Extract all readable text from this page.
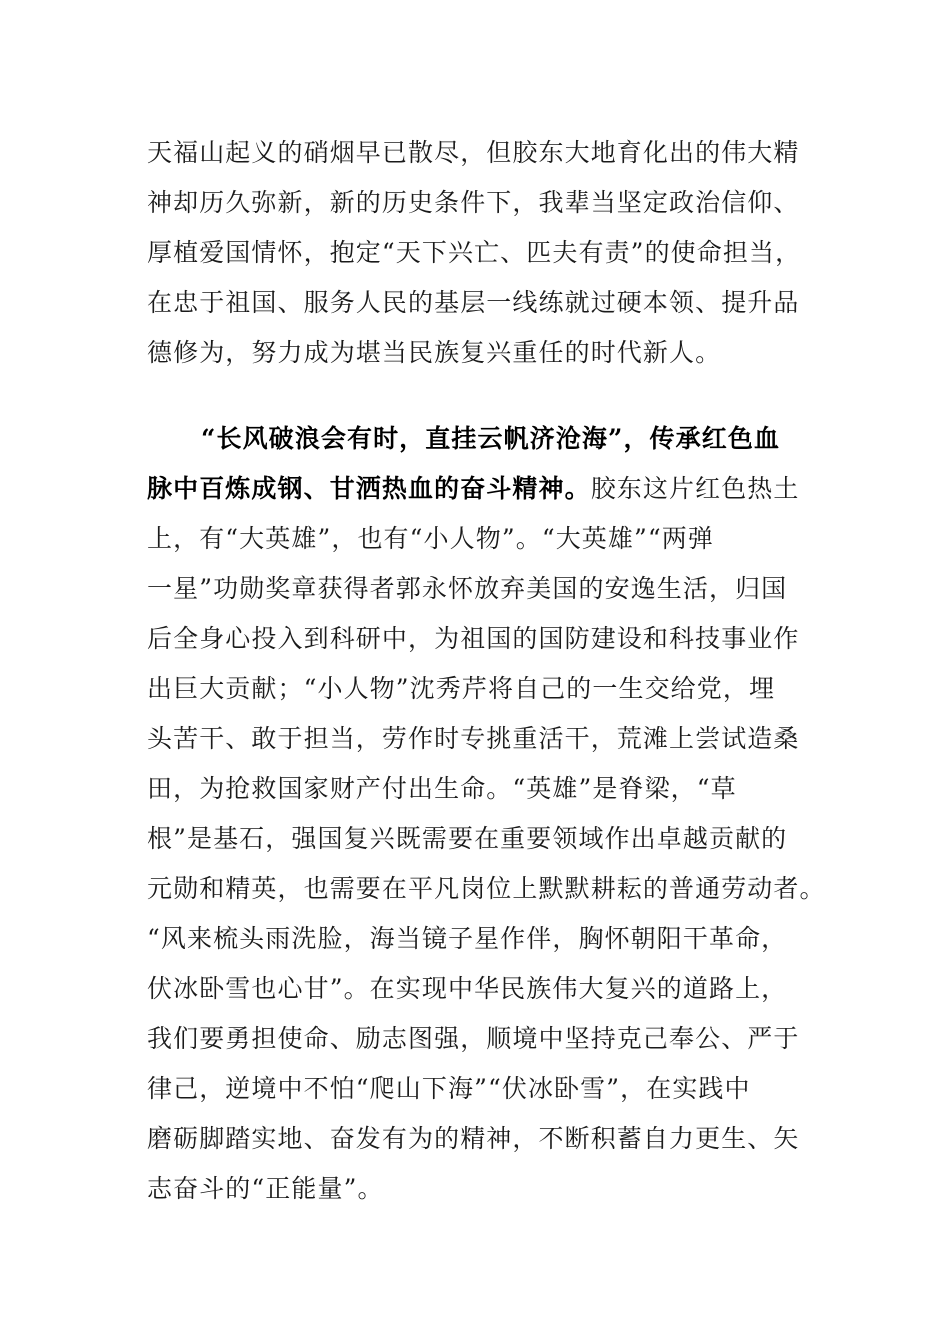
天福山起义的硝烟早已散尽，但胶东大地育化出的伟大精
神却历久弥新，新的历史条件下，我辈当坚定政治信仰、
厚植爱国情怀，抱定“天下兴亡、匹夫有责”的使命担当，
在忠于祖国、服务人民的基层一线练就过硬本领、提升品
德修为，努力成为堪当民族复兴重任的时代新人。
“长风破浪会有时，直挂云帆济沧海”，传承红色血
脉中百炼成钢、甘洒热血的奋斗精神。胶东这片红色热土
上，有“大英雄”，也有“小人物”。“大英雄”“两弹
一星”功勋奖章获得者郭永怀放弃美国的安逸生活，归国
后全身心投入到科研中，为祖国的国防建设和科技事业作
出巨大贡献；“小人物”沈秀芹将自己的一生交给党，埋
头苦干、敢于担当，劳作时专挑重活干，荒滩上尝试造桑
田，为抢救国家财产付出生命。“英雄”是脊梁，“草
根”是基石，强国复兴既需要在重要领域作出卓越贡献的
元勋和精英，也需要在平凡岗位上默默耕耘的普通劳动者。
“风来梳头雨洗脸，海当镜子星作伴，胸怀朝阳干革命，
伏冰卧雪也心甘”。在实现中华民族伟大复兴的道路上，
我们要勇担使命、励志图强，顺境中坚持克己奉公、严于
律己，逆境中不怕“爬山下海”“伏冰卧雪”，在实践中
磨砺脚踏实地、奋发有为的精神，不断积蓄自力更生、矢
志奋斗的“正能量”。
